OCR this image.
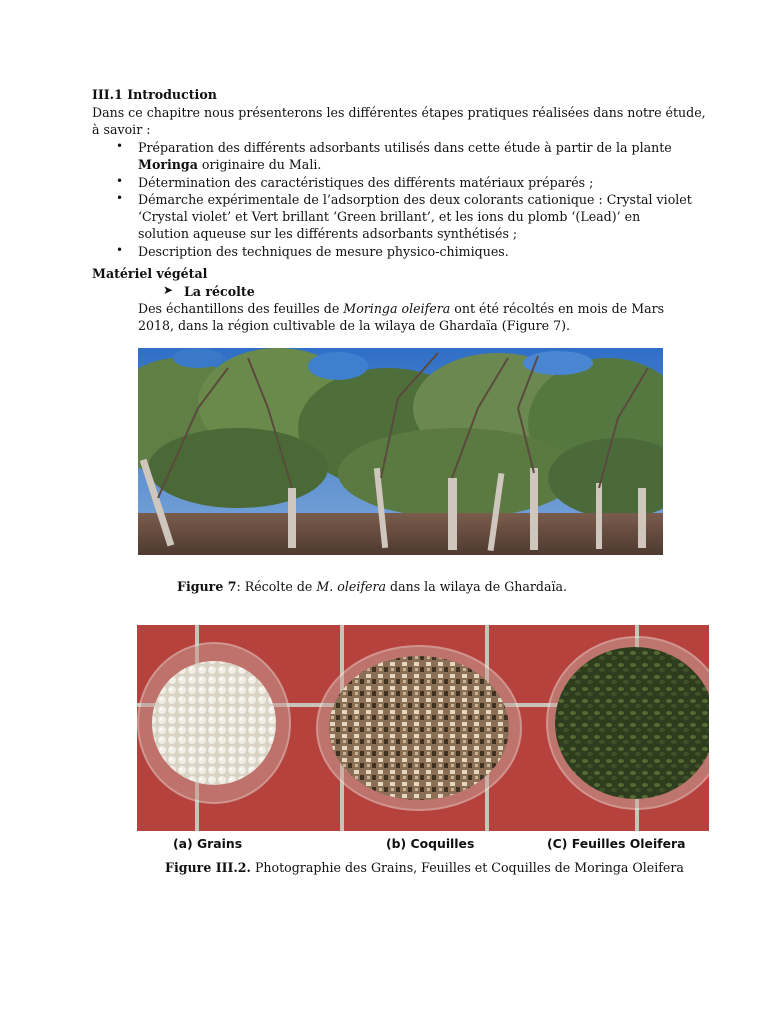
III.1 Introduction
Dans ce chapitre nous présenterons les différentes étapes pratiques réalisées dans notre étude,
à savoir :
• Préparation des différents adsorbants utilisés dans cette étude à partir de la plante
Moringa originaire du Mali.
• Détermination des caractéristiques des différents matériaux préparés ;
• Démarche expérimentale de l’adsorption des deux colorants cationique : Crystal violet
‘Crystal violet’ et Vert brillant ‘Green brillant’, et les ions du plomb ‘(Lead)’ en
solution aqueuse sur les différents adsorbants synthétisés ;
• Description des techniques de mesure physico-chimiques.
Matériel végétal
➤ La récolte
Des échantillons des feuilles de Moringa oleifera ont été récoltés en mois de Mars
2018, dans la région cultivable de la wilaya de Ghardaïa (Figure 7).
Figure 7: Récolte de M. oleifera dans la wilaya de Ghardaïa.
(a) Grains	(b) Coquilles	(C) Feuilles Oleifera
Figure III.2. Photographie des Grains, Feuilles et Coquilles de Moringa Oleifera
